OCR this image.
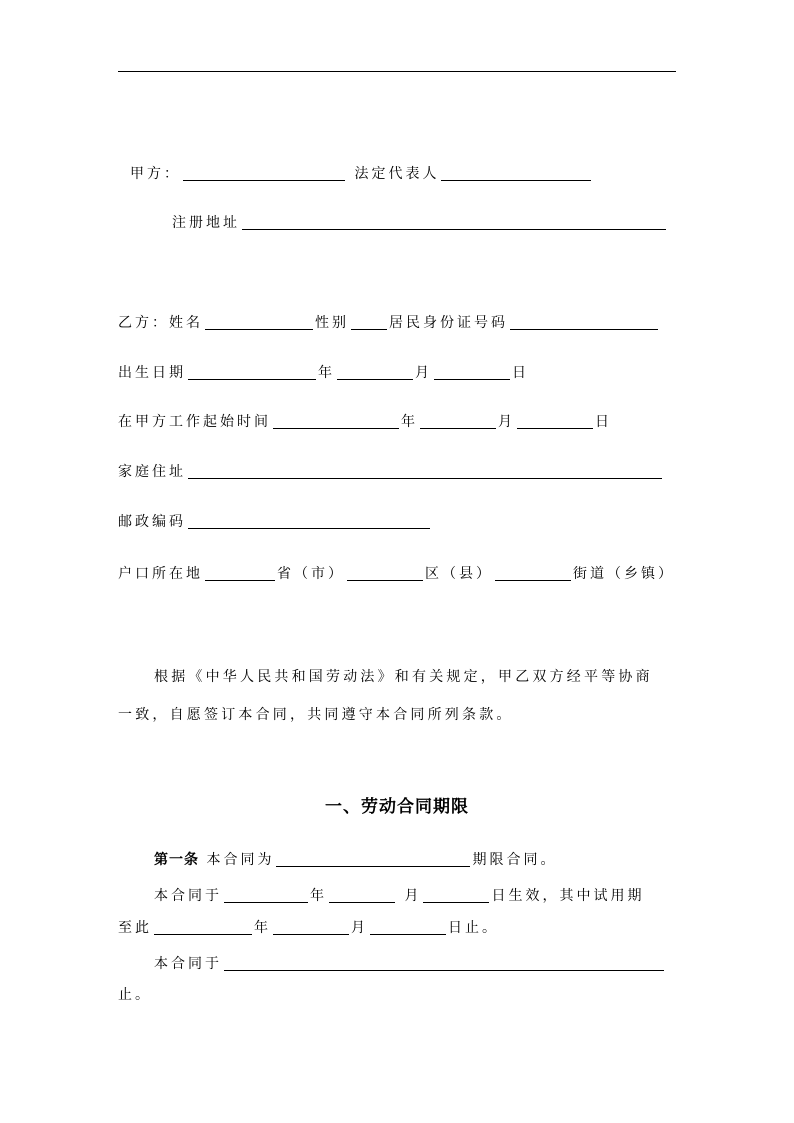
甲方：	法定代表人
注册地址
乙方：姓名	性别	居民身份证号码
出生日期	年	月	日
在甲方工作起始时间	年	月	日
家庭住址
邮政编码
户口所在地	省（市）	区（县）	街道（乡镇）
根据《中华人民共和国劳动法》和有关规定，甲乙双方经平等协商
一致，自愿签订本合同，共同遵守本合同所列条款。
一、劳动合同期限
第一条 本合同为	期限合同。
本合同于	年	月	日生效，其中试用期
至此	年	月	日止。
本合同于
止。
